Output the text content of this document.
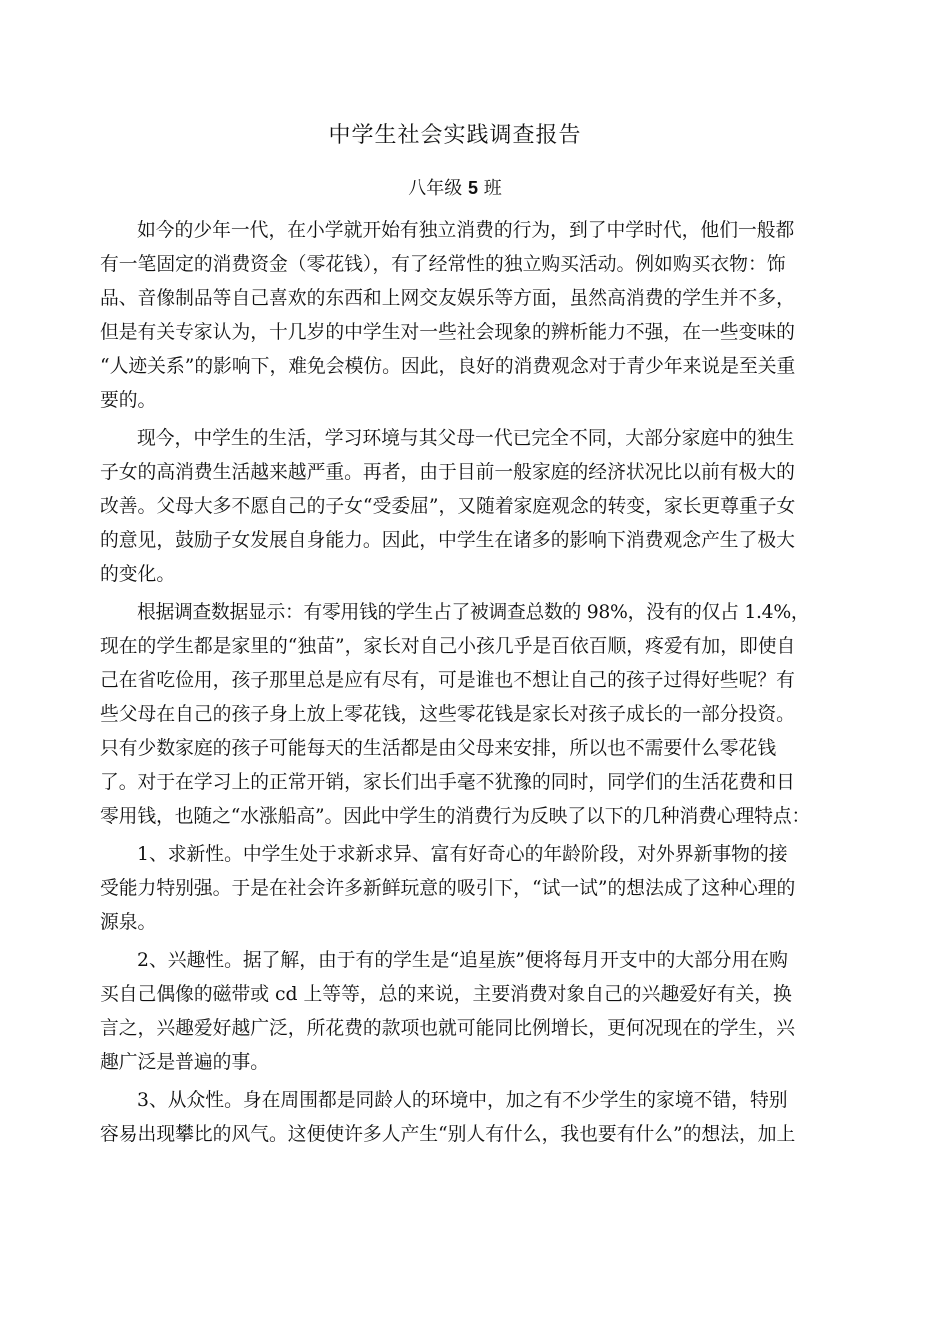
中学生社会实践调查报告
八年级 5 班
如今的少年一代，在小学就开始有独立消费的行为，到了中学时代，他们一般都
有一笔固定的消费资金（零花钱），有了经常性的独立购买活动。例如购买衣物：饰
品、音像制品等自己喜欢的东西和上网交友娱乐等方面，虽然高消费的学生并不多，
但是有关专家认为，十几岁的中学生对一些社会现象的辨析能力不强，在一些变味的
“人迹关系”的影响下，难免会模仿。因此，良好的消费观念对于青少年来说是至关重
要的。
现今，中学生的生活，学习环境与其父母一代已完全不同，大部分家庭中的独生
子女的高消费生活越来越严重。再者，由于目前一般家庭的经济状况比以前有极大的
改善。父母大多不愿自己的子女“受委屈”，又随着家庭观念的转变，家长更尊重子女
的意见，鼓励子女发展自身能力。因此，中学生在诸多的影响下消费观念产生了极大
的变化。
根据调查数据显示：有零用钱的学生占了被调查总数的 98%，没有的仅占 1.4%，
现在的学生都是家里的“独苗”，家长对自己小孩几乎是百依百顺，疼爱有加，即使自
己在省吃俭用，孩子那里总是应有尽有，可是谁也不想让自己的孩子过得好些呢？有
些父母在自己的孩子身上放上零花钱，这些零花钱是家长对孩子成长的一部分投资。
只有少数家庭的孩子可能每天的生活都是由父母来安排，所以也不需要什么零花钱
了。对于在学习上的正常开销，家长们出手毫不犹豫的同时，同学们的生活花费和日
零用钱，也随之“水涨船高”。因此中学生的消费行为反映了以下的几种消费心理特点：
1、求新性。中学生处于求新求异、富有好奇心的年龄阶段，对外界新事物的接
受能力特别强。于是在社会许多新鲜玩意的吸引下，“试一试”的想法成了这种心理的
源泉。
2、兴趣性。据了解，由于有的学生是“追星族”便将每月开支中的大部分用在购
买自己偶像的磁带或 cd 上等等，总的来说，主要消费对象自己的兴趣爱好有关，换
言之，兴趣爱好越广泛，所花费的款项也就可能同比例增长，更何况现在的学生，兴
趣广泛是普遍的事。
3、从众性。身在周围都是同龄人的环境中，加之有不少学生的家境不错，特别
容易出现攀比的风气。这便使许多人产生“别人有什么，我也要有什么”的想法，加上
